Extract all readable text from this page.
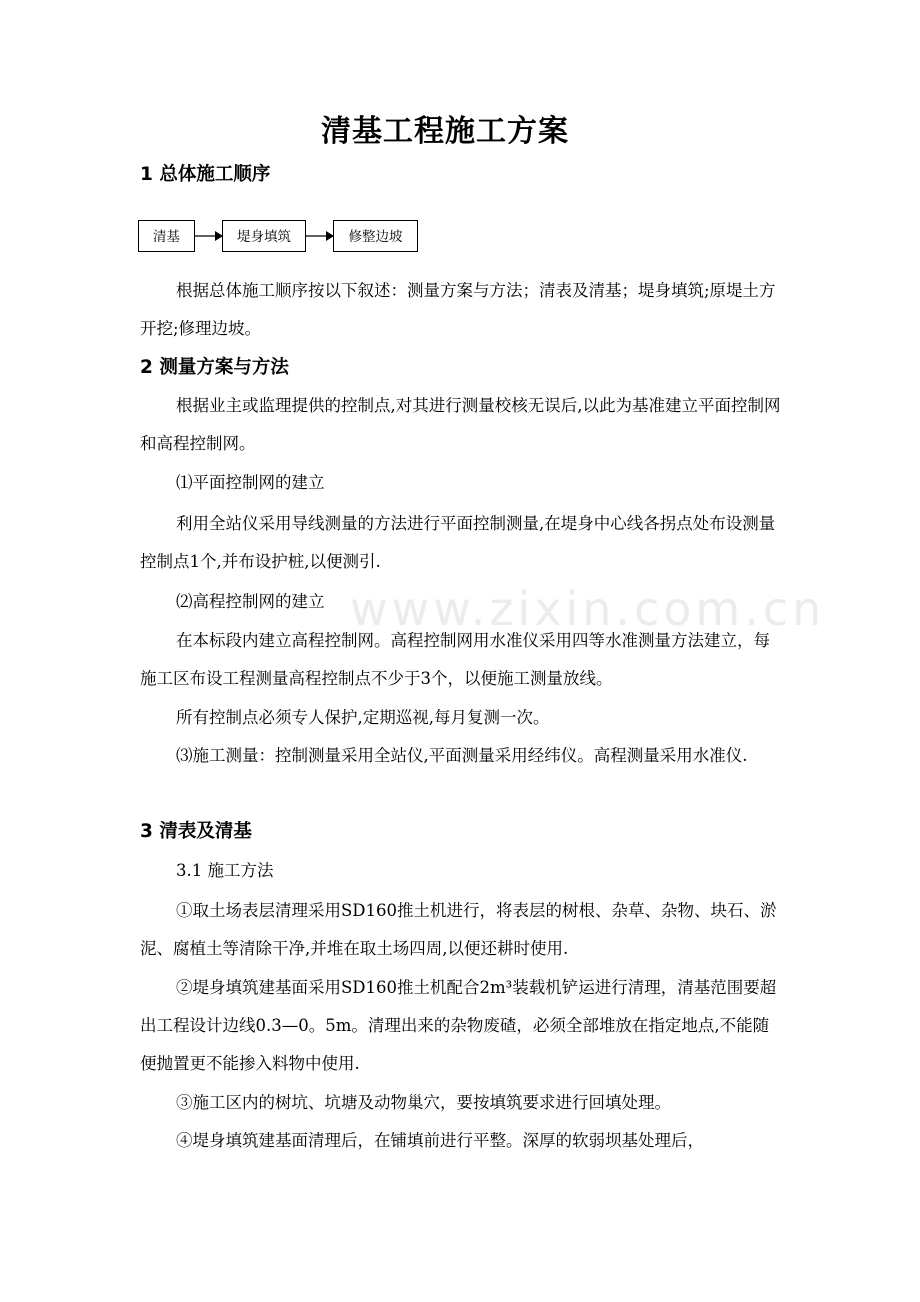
www.zixin.com.cn
清基工程施工方案
1 总体施工顺序
清基	堤身填筑	修整边坡
根据总体施工顺序按以下叙述：测量方案与方法；清表及清基；堤身填筑;原堤土方开挖;修理边坡。
2 测量方案与方法
根据业主或监理提供的控制点,对其进行测量校核无误后,以此为基准建立平面控制网和高程控制网。
⑴平面控制网的建立
利用全站仪采用导线测量的方法进行平面控制测量,在堤身中心线各拐点处布设测量控制点1个,并布设护桩,以便测引.
⑵高程控制网的建立
在本标段内建立高程控制网。高程控制网用水准仪采用四等水准测量方法建立，每施工区布设工程测量高程控制点不少于3个，以便施工测量放线。
所有控制点必须专人保护,定期巡视,每月复测一次。
⑶施工测量：控制测量采用全站仪,平面测量采用经纬仪。高程测量采用水准仪.
3 清表及清基
3.1 施工方法
①取土场表层清理采用SD160推土机进行，将表层的树根、杂草、杂物、块石、淤泥、腐植土等清除干净,并堆在取土场四周,以便还耕时使用.
②堤身填筑建基面采用SD160推土机配合2m³装载机铲运进行清理，清基范围要超出工程设计边线0.3—0。5m。清理出来的杂物废碴，必须全部堆放在指定地点,不能随便抛置更不能掺入料物中使用.
③施工区内的树坑、坑塘及动物巢穴，要按填筑要求进行回填处理。
④堤身填筑建基面清理后，在铺填前进行平整。深厚的软弱坝基处理后，
